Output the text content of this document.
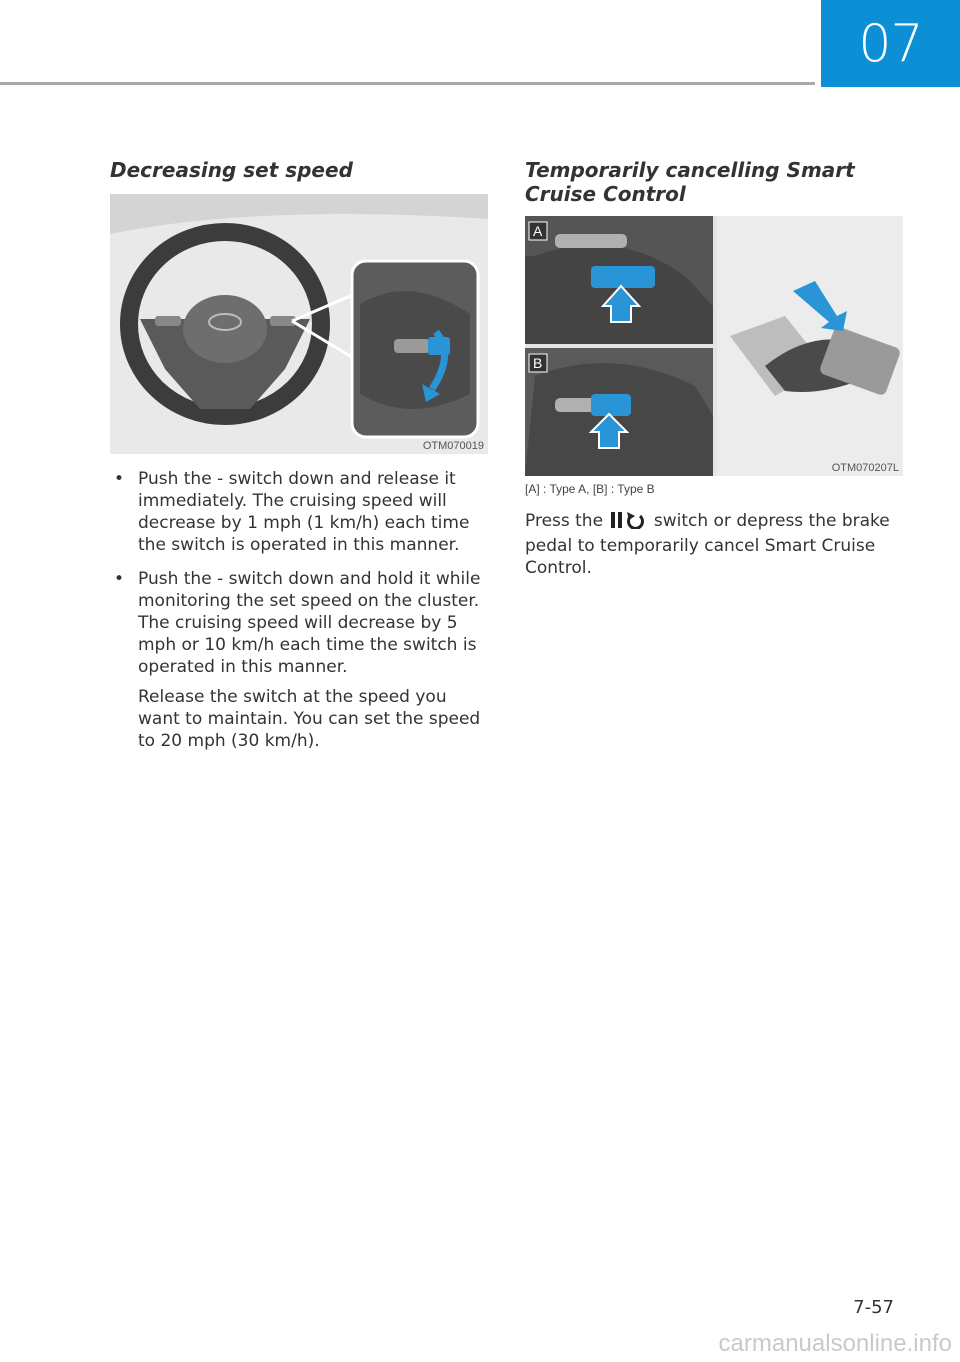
07
Decreasing set speed
OTM070019
• Push the - switch down and release it immediately. The cruising speed will decrease by 1 mph (1 km/h) each time the switch is operated in this manner.
• Push the - switch down and hold it while monitoring the set speed on the cluster. The cruising speed will decrease by 5 mph or 10 km/h each time the switch is operated in this manner.

Release the switch at the speed you want to maintain. You can set the speed to 20 mph (30 km/h).

Temporarily cancelling Smart Cruise Control
A
B
OTM070207L
[A] : Type A, [B] : Type B

Press the	switch or depress the brake pedal to temporarily cancel Smart Cruise Control.

7-57
carmanualsonline.info
